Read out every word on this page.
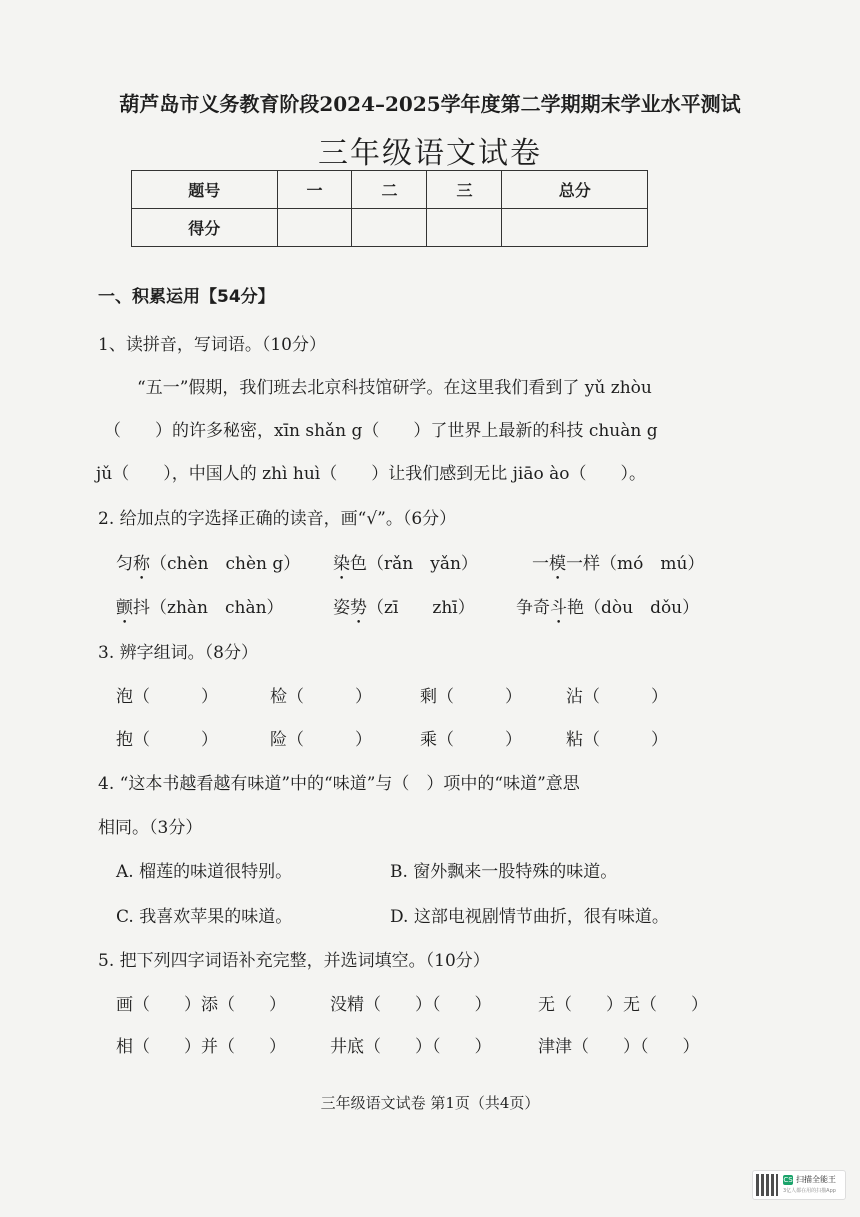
葫芦岛市义务教育阶段2024–2025学年度第二学期期末学业水平测试
三年级语文试卷
题号	一	二	三	总分
得分				
一、积累运用【54分】
1、读拼音，写词语。（10分）
“五一”假期，我们班去北京科技馆研学。在这里我们看到了 yǔ zhòu
（　　）的许多秘密，xīn shǎn g（　　）了世界上最新的科技 chuàn g
jǔ（　　），中国人的 zhì huì（　　）让我们感到无比 jiāo ào（　　）。
2. 给加点的字选择正确的读音，画“√”。（6分）
匀称（chèn　chèn g） 染色（rǎn　yǎn）	一模一样（mó　mú）
颤抖（zhàn　chàn）	姿势（zī　　zhī） 争奇斗艳（dòu　dǒu）
3. 辨字组词。（8分）
泡（　　　）	检（　　　）	剩（　　　）	沾（　　　）
抱（　　　）	险（　　　）	乘（　　　）	粘（　　　）
4. “这本书越看越有味道”中的“味道”与（　）项中的“味道”意思
相同。（3分）
A. 榴莲的味道很特别。	B. 窗外飘来一股特殊的味道。
C. 我喜欢苹果的味道。	D. 这部电视剧情节曲折，很有味道。
5. 把下列四字词语补充完整，并选词填空。（10分）
画（　　）添（　　）	没精（　　）（　　）	无（　　）无（　　）
相（　　）并（　　）	井底（　　）（　　）	津津（　　）（　　）
三年级语文试卷 第1页（共4页）
CS 扫描全能王
3亿人都在用的扫描App
